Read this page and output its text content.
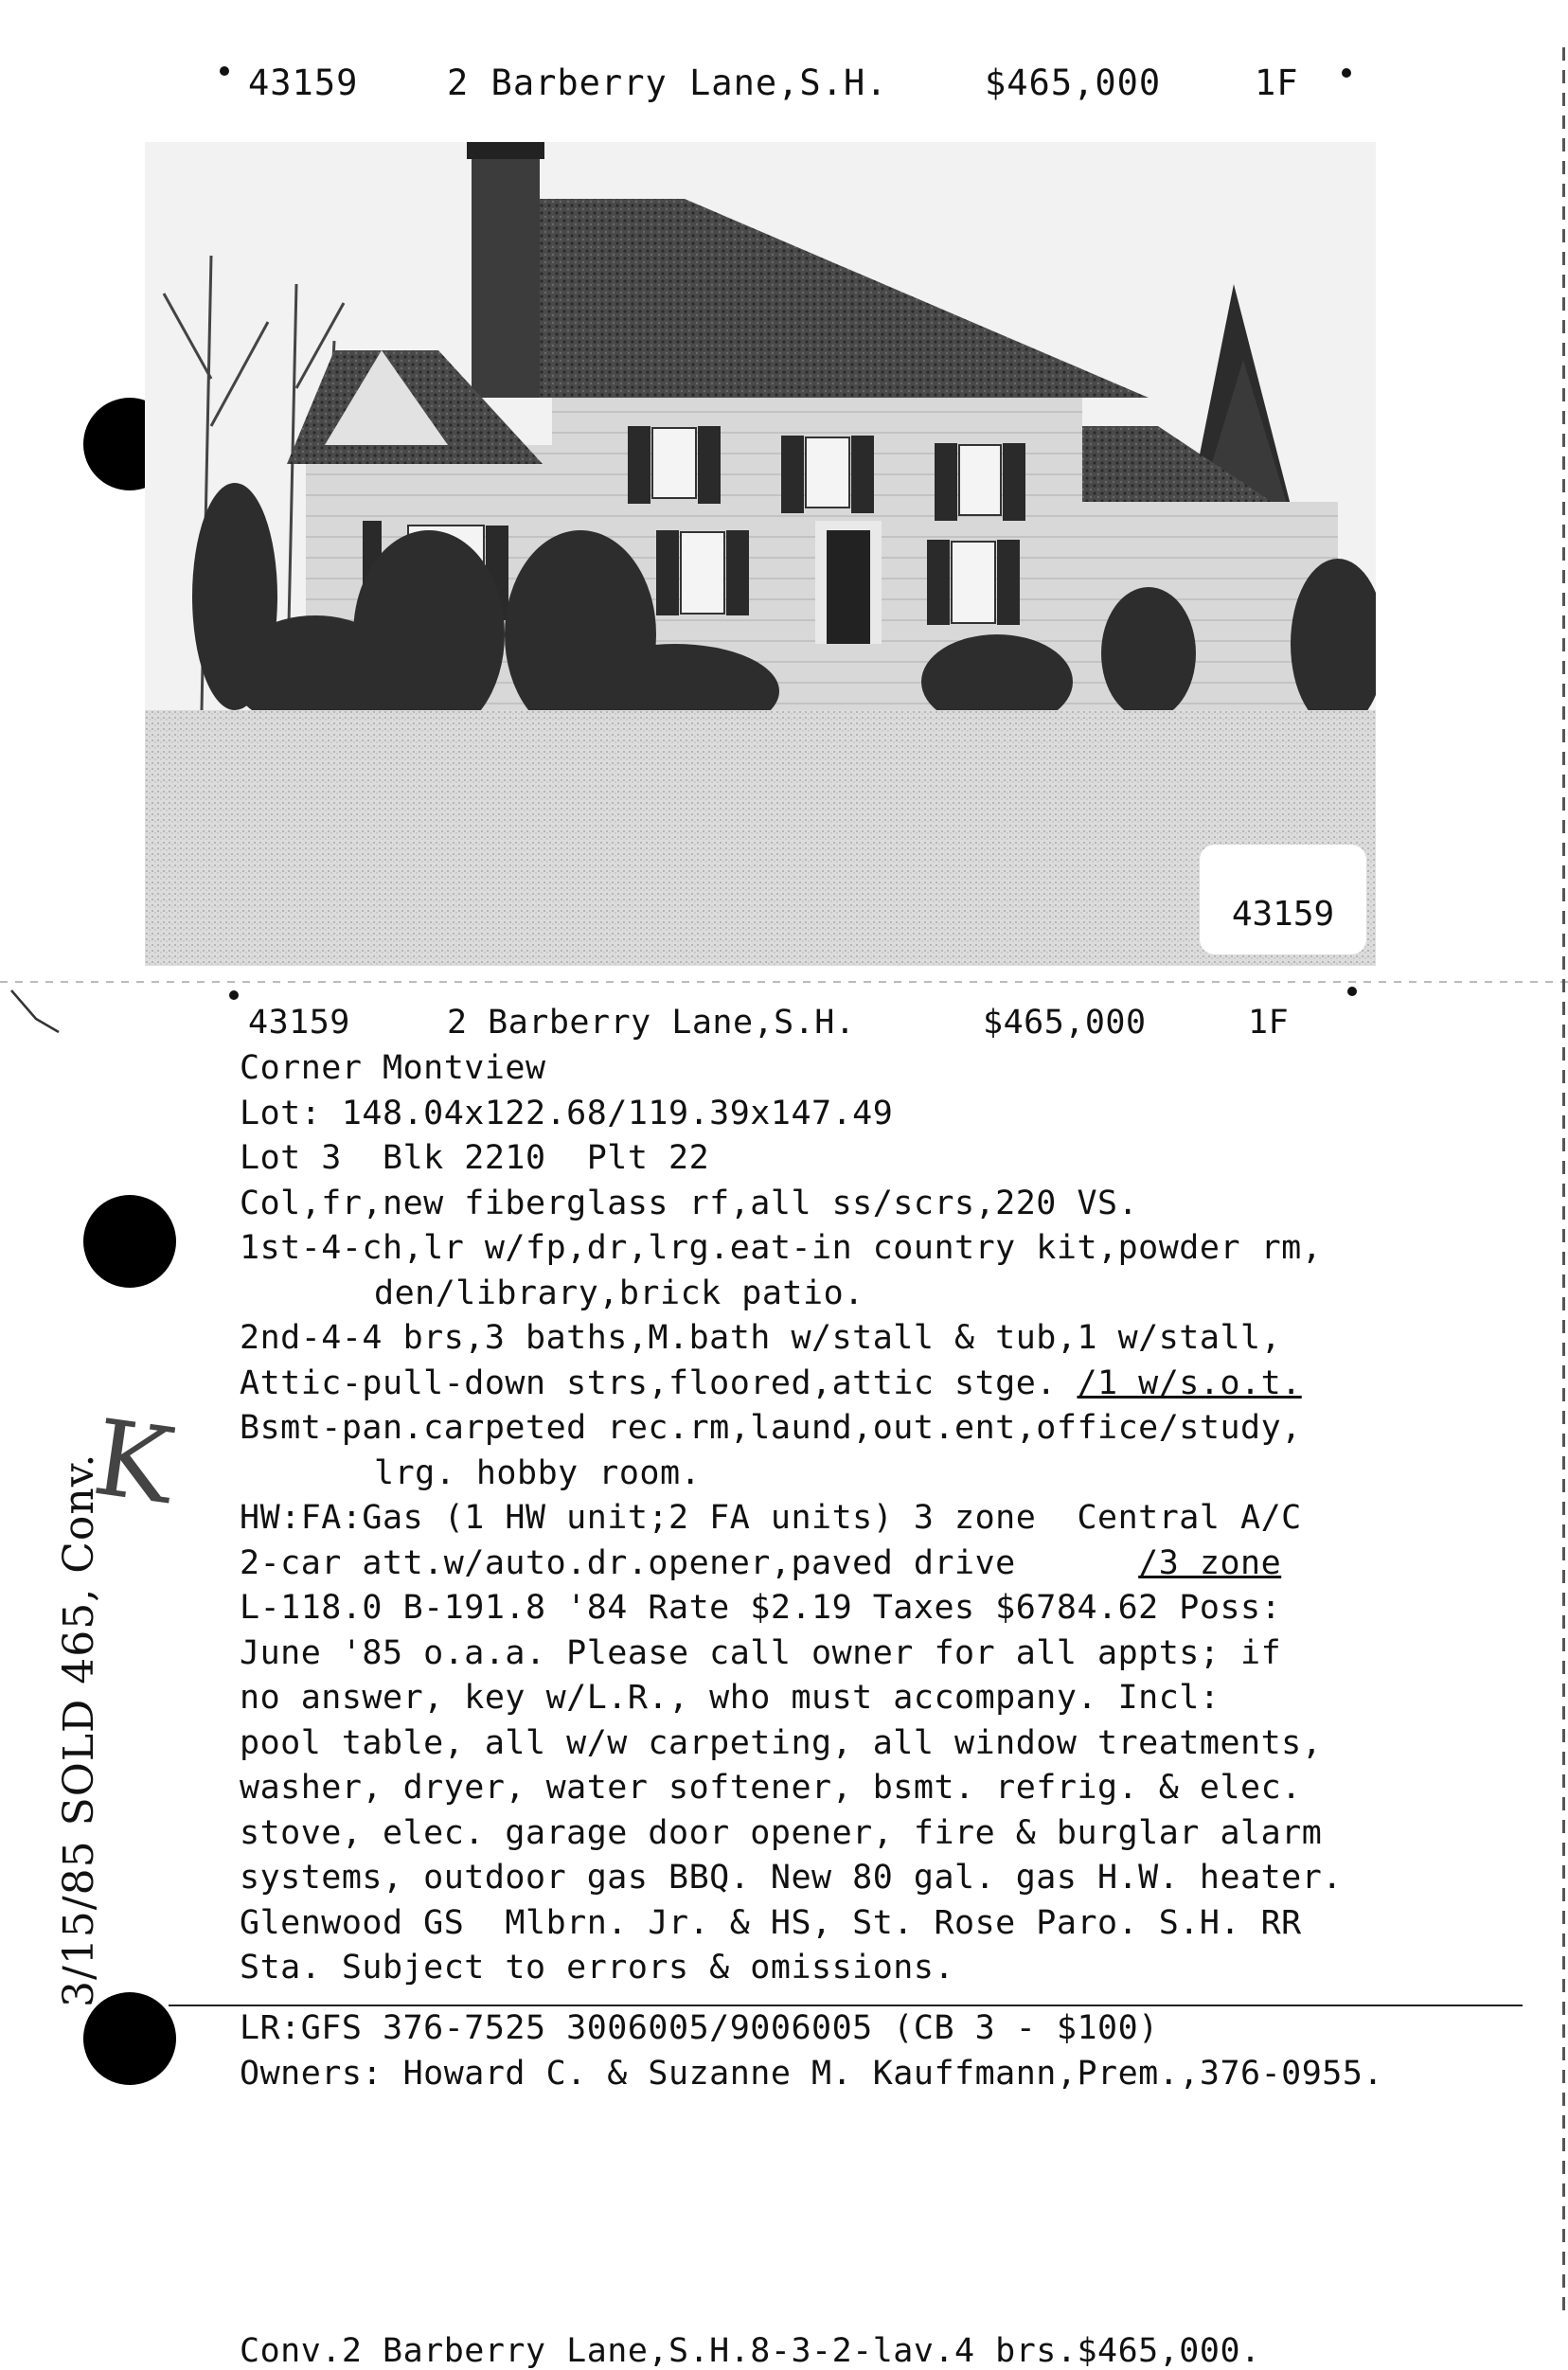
43159	2 Barberry Lane,S.H.	$465,000	1F
43159
43159	2 Barberry Lane,S.H.	$465,000	1F
Corner Montview
Lot: 148.04x122.68/119.39x147.49
Lot 3  Blk 2210  Plt 22
Col,fr,new fiberglass rf,all ss/scrs,220 VS.
1st-4-ch,lr w/fp,dr,lrg.eat-in country kit,powder rm,
den/library,brick patio.
2nd-4-4 brs,3 baths,M.bath w/stall & tub,1 w/stall,
Attic-pull-down strs,floored,attic stge. /1 w/s.o.t.
Bsmt-pan.carpeted rec.rm,laund,out.ent,office/study,
lrg. hobby room.
HW:FA:Gas (1 HW unit;2 FA units) 3 zone  Central A/C
2-car att.w/auto.dr.opener,paved drive      /3 zone
L-118.0 B-191.8 '84 Rate $2.19 Taxes $6784.62 Poss:
June '85 o.a.a. Please call owner for all appts; if
no answer, key w/L.R., who must accompany. Incl:
pool table, all w/w carpeting, all window treatments,
washer, dryer, water softener, bsmt. refrig. & elec.
stove, elec. garage door opener, fire & burglar alarm
systems, outdoor gas BBQ. New 80 gal. gas H.W. heater.
Glenwood GS  Mlbrn. Jr. & HS, St. Rose Paro. S.H. RR
Sta. Subject to errors & omissions.
LR:GFS 376-7525 3006005/9006005 (CB 3 - $100)
Owners: Howard C. & Suzanne M. Kauffmann,Prem.,376-0955.
Conv.2 Barberry Lane,S.H.8-3-2-lav.4 brs.$465,000.
3/15/85 SOLD 465, Conv.
K
